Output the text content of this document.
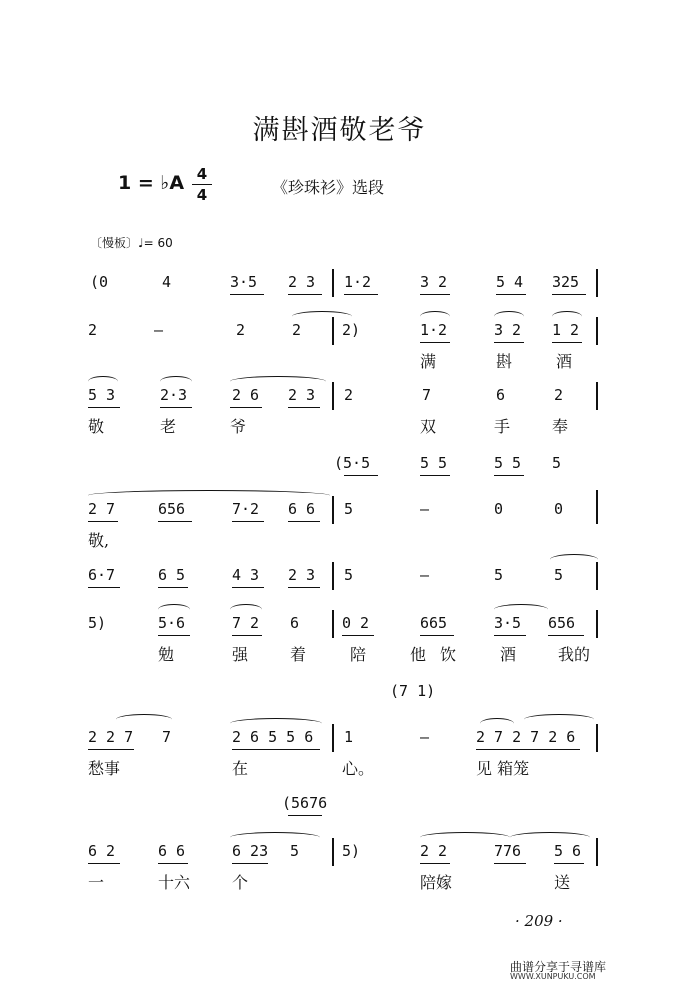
满斟酒敬老爷
1 = ♭A 4
4	《珍珠衫》选段
〔慢板〕♩= 60
(0	4	3·5 2 3 1·2	3 2	5 4 325
2	—	2	2	2)	1·2	3 2 1 2
满	斟	酒
5 3	2·3	2 6 2 3 2	7	6	2
敬	老	爷	双	手	奉
(5·5	5 5	5 5 5
2 7	656	7·2 6 6 5	—	0	0
敬,
6·7	6 5	4 3 2 3 5	—	5	5
5)	5·6	7 2 6	0 2	665	3·5 656
勉	强	着	陪	他 饮	酒	我的
(7 1)
2 2 7 7	2 6 5 5 6 1	—	2 7 2 7 2 6
愁事	在	心。	见 箱笼
(5676
6 2	6 6	6 23 5	5)	2 2	776 5 6
一	十六	个	陪嫁	送
· 209 ·
曲谱分享于寻谱库
WWW.XUNPUKU.COM
